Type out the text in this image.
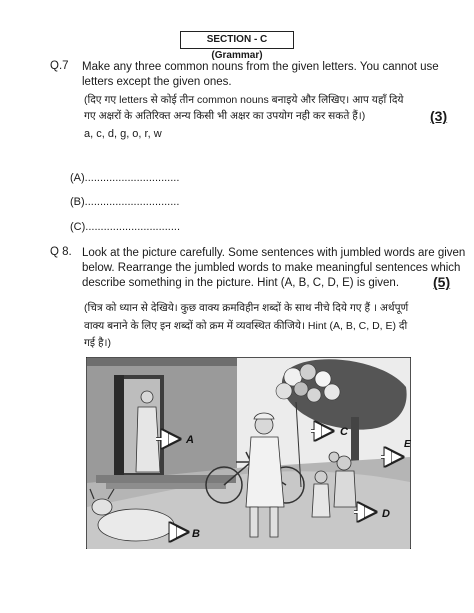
SECTION - C (Grammar)
Q.7 Make any three common nouns from the given letters. You cannot use letters except the given ones.
(दिए गए letters से कोई तीन common nouns बनाइये और लिखिए। आप यहाँ दिये
गए अक्षरों के अतिरिक्त अन्य किसी भी अक्षर का उपयोग नही कर सकते हैं।)	(3)
a, c, d, g, o, r, w
(A)...............................
(B)...............................
(C)...............................
Q 8. Look at the picture carefully. Some sentences with jumbled words are given
below. Rearrange the jumbled words to make meaningful sentences which
describe something in the picture. Hint (A, B, C, D, E) is given. (5)
(चित्र को ध्यान से देखिये। कुछ वाक्य क्रमविहीन शब्दों के साथ नीचे दिये गए हैं । अर्थपूर्ण
वाक्य बनाने के लिए इन शब्दों को क्रम में व्यवस्थित कीजिये। Hint (A, B, C, D, E) दी
गई है।)
A
B
C
D
E
